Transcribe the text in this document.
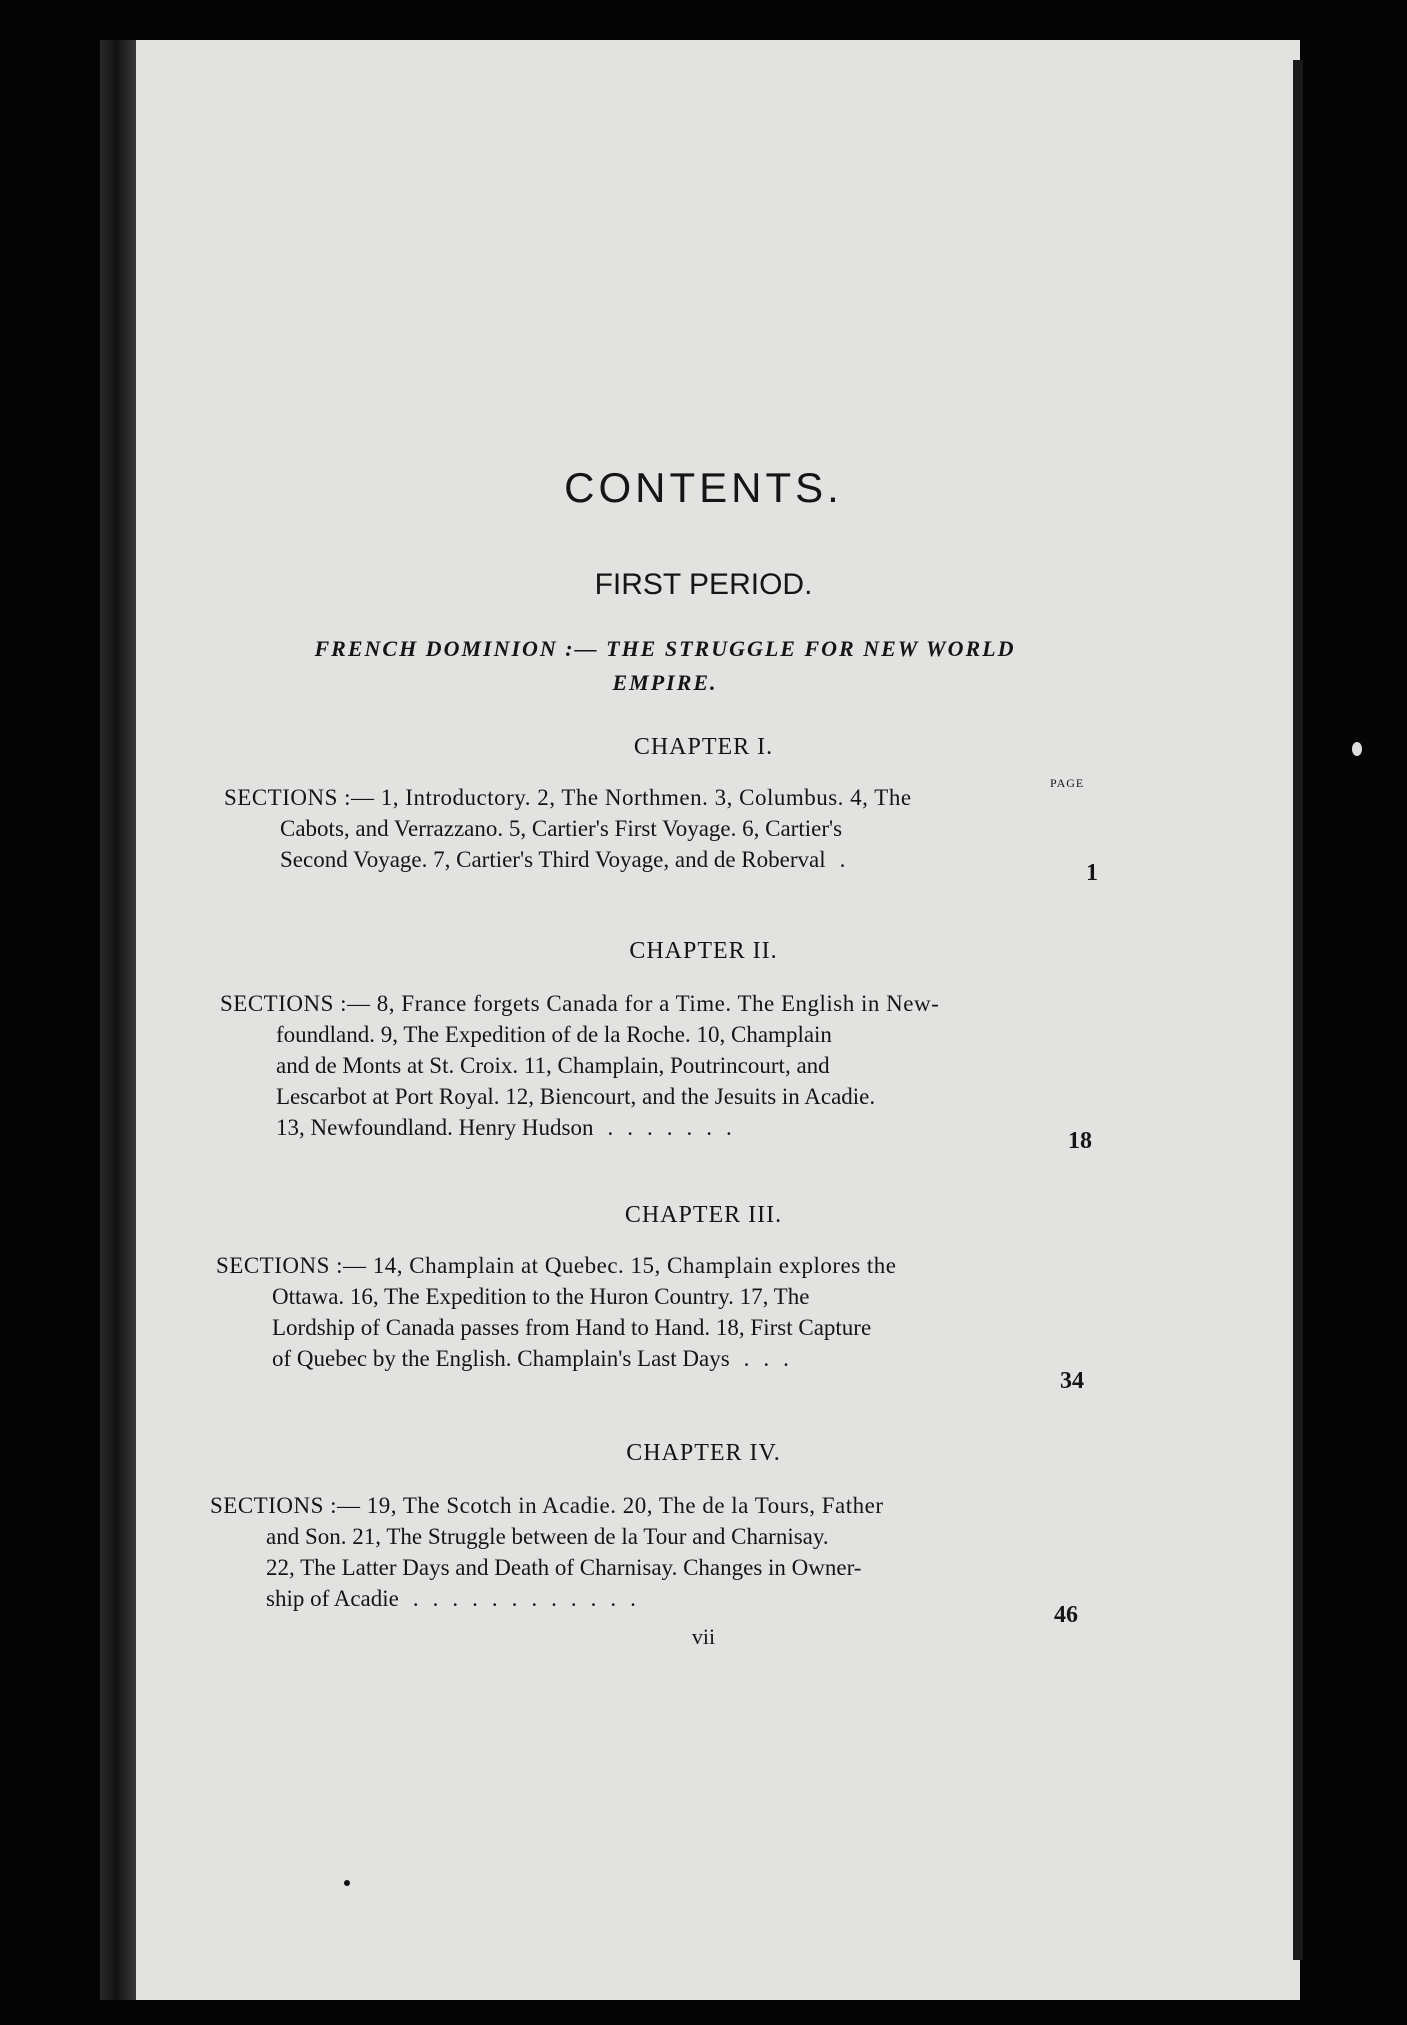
CONTENTS.
FIRST PERIOD.
FRENCH DOMINION :— THE STRUGGLE FOR NEW WORLD
EMPIRE.
PAGE
CHAPTER I.
SECTIONS :— 1, Introductory. 2, The Northmen. 3, Columbus. 4, The
Cabots, and Verrazzano. 5, Cartier's First Voyage. 6, Cartier's
Second Voyage. 7, Cartier's Third Voyage, and de Roberval .
1
CHAPTER II.
SECTIONS :— 8, France forgets Canada for a Time. The English in New-
foundland. 9, The Expedition of de la Roche. 10, Champlain
and de Monts at St. Croix. 11, Champlain, Poutrincourt, and
Lescarbot at Port Royal. 12, Biencourt, and the Jesuits in Acadie.
13, Newfoundland. Henry Hudson .......
18
CHAPTER III.
SECTIONS :— 14, Champlain at Quebec. 15, Champlain explores the
Ottawa. 16, The Expedition to the Huron Country. 17, The
Lordship of Canada passes from Hand to Hand. 18, First Capture
of Quebec by the English. Champlain's Last Days ...
34
CHAPTER IV.
SECTIONS :— 19, The Scotch in Acadie. 20, The de la Tours, Father
and Son. 21, The Struggle between de la Tour and Charnisay.
22, The Latter Days and Death of Charnisay. Changes in Owner-
ship of Acadie ............
46
vii
